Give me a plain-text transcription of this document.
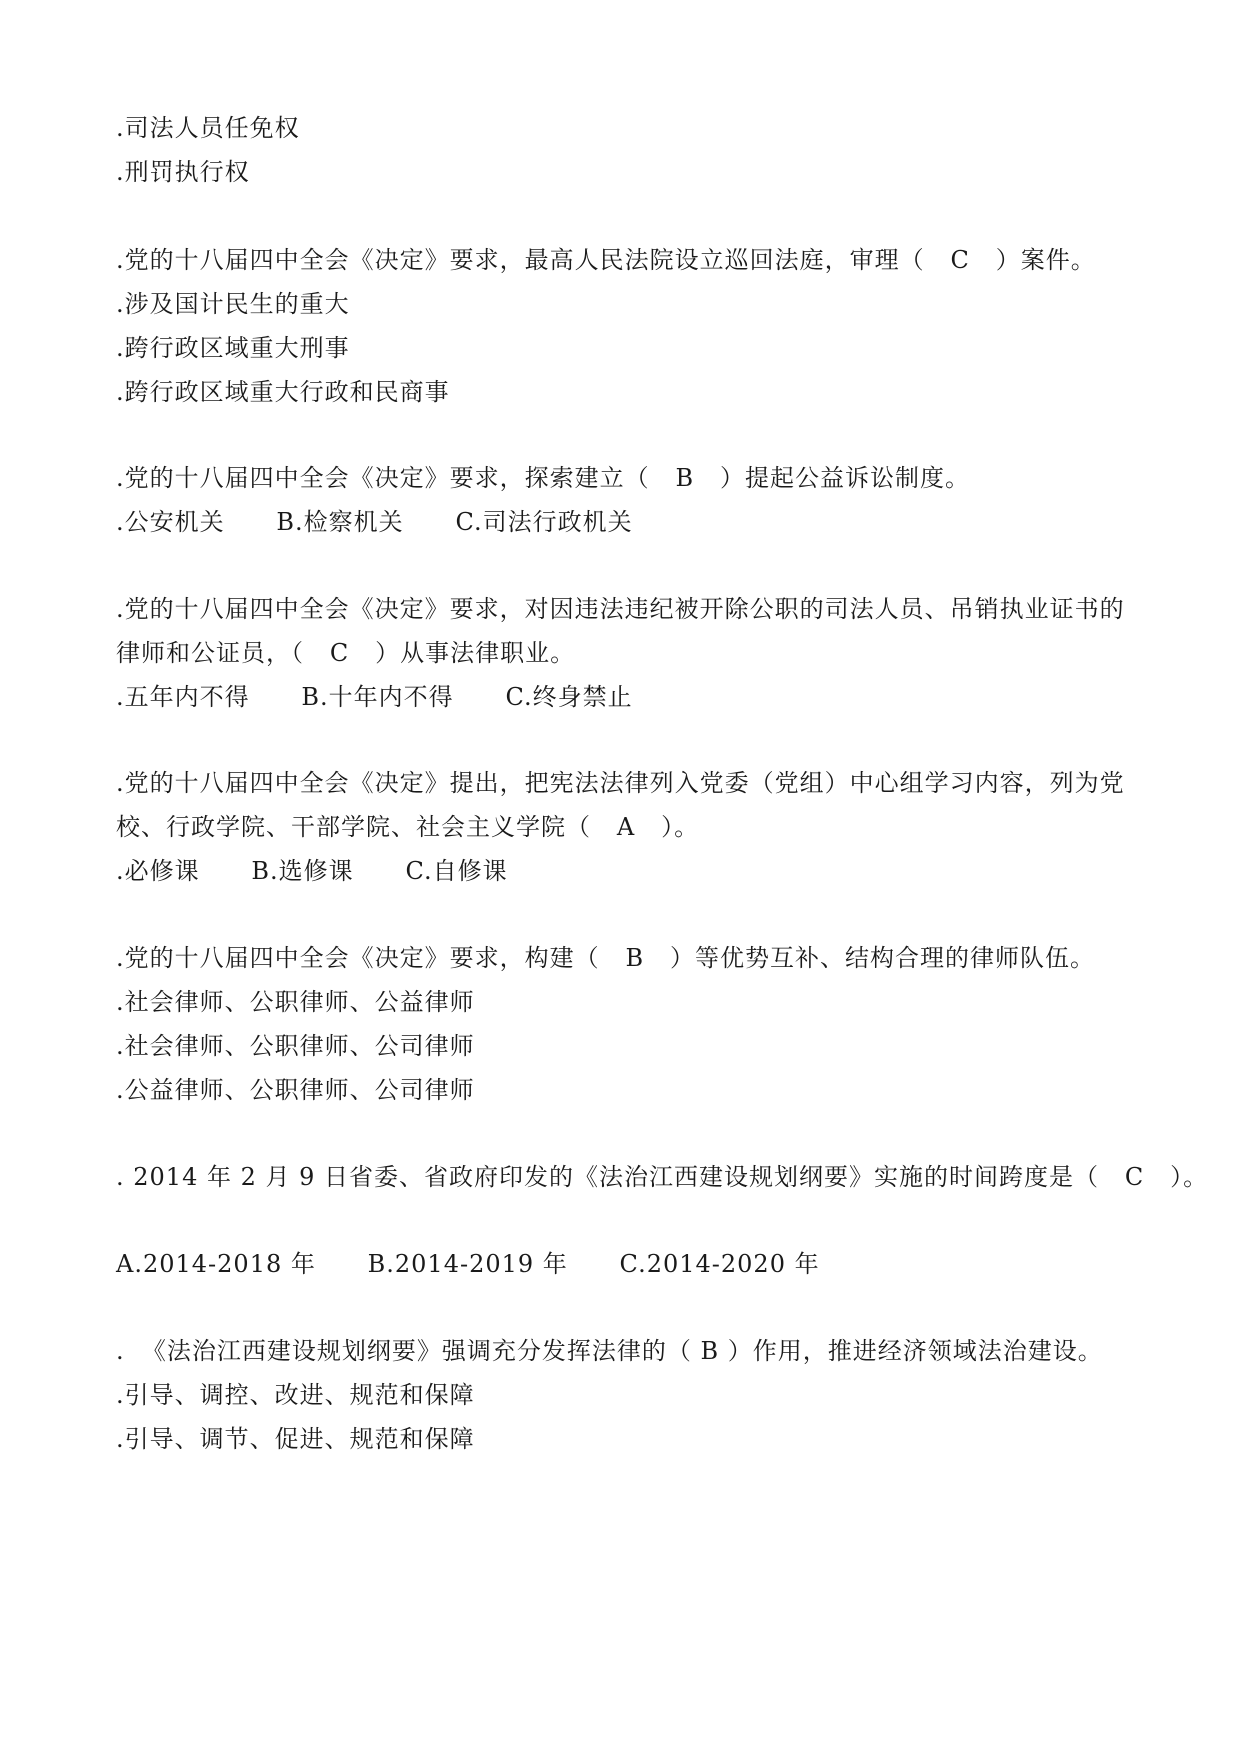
.司法人员任免权
.刑罚执行权
.党的十八届四中全会《决定》要求，最高人民法院设立巡回法庭，审理（   C   ）案件。
.涉及国计民生的重大
.跨行政区域重大刑事
.跨行政区域重大行政和民商事
.党的十八届四中全会《决定》要求，探索建立（   B   ）提起公益诉讼制度。
.公安机关      B.检察机关      C.司法行政机关
.党的十八届四中全会《决定》要求，对因违法违纪被开除公职的司法人员、吊销执业证书的
律师和公证员，（   C   ）从事法律职业。
.五年内不得      B.十年内不得      C.终身禁止
.党的十八届四中全会《决定》提出，把宪法法律列入党委（党组）中心组学习内容，列为党
校、行政学院、干部学院、社会主义学院（   A   ）。
.必修课      B.选修课      C.自修课
.党的十八届四中全会《决定》要求，构建（   B   ）等优势互补、结构合理的律师队伍。
.社会律师、公职律师、公益律师
.社会律师、公职律师、公司律师
.公益律师、公职律师、公司律师
. 2014 年 2 月 9 日省委、省政府印发的《法治江西建设规划纲要》实施的时间跨度是（   C   ）。
A.2014-2018 年      B.2014-2019 年      C.2014-2020 年
.  《法治江西建设规划纲要》强调充分发挥法律的（ B ）作用，推进经济领域法治建设。
.引导、调控、改进、规范和保障
.引导、调节、促进、规范和保障
